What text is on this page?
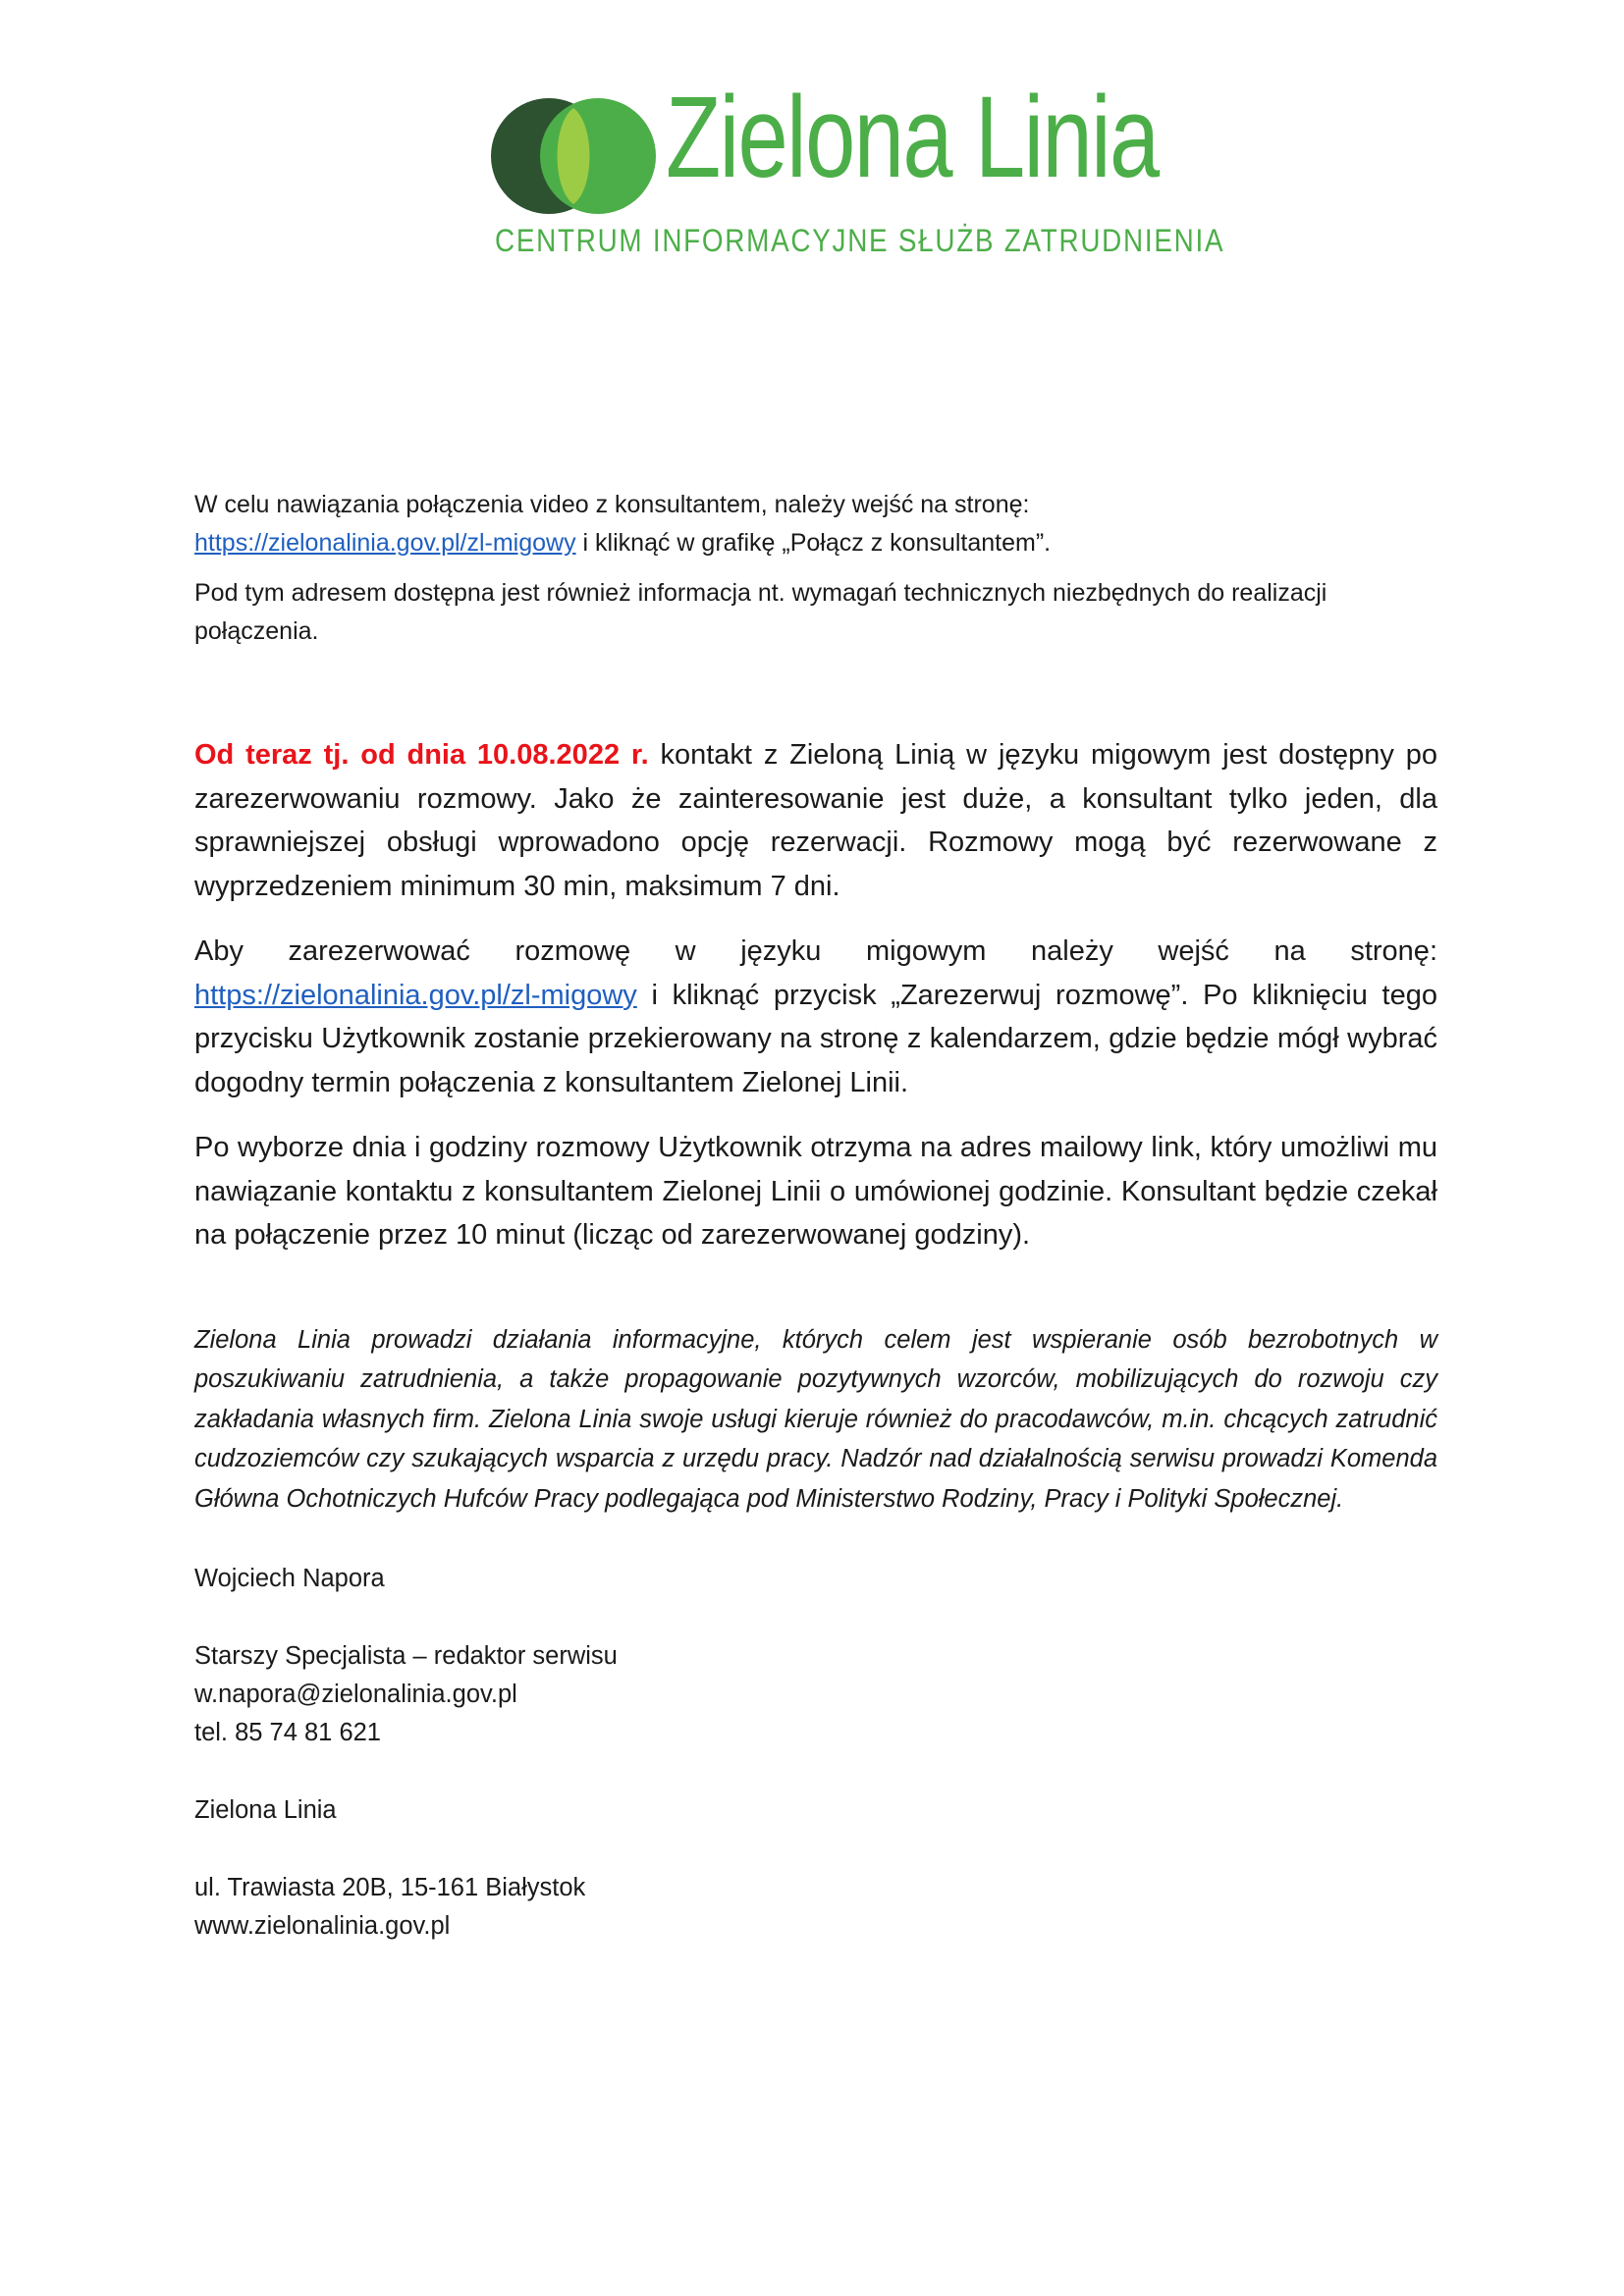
Zielona Linia
CENTRUM INFORMACYJNE SŁUŻB ZATRUDNIENIA

W celu nawiązania połączenia video z konsultantem, należy wejść na stronę:
https://zielonalinia.gov.pl/zl-migowy i kliknąć w grafikę „Połącz z konsultantem”.

Pod tym adresem dostępna jest również informacja nt. wymagań technicznych niezbędnych do realizacji połączenia.

Od teraz tj. od dnia 10.08.2022 r. kontakt z Zieloną Linią w języku migowym jest dostępny po zarezerwowaniu rozmowy. Jako że zainteresowanie jest duże, a konsultant tylko jeden, dla sprawniejszej obsługi wprowadono opcję rezerwacji. Rozmowy mogą być rezerwowane z wyprzedzeniem minimum 30 min, maksimum 7 dni.

Aby zarezerwować rozmowę w języku migowym należy wejść na stronę:
https://zielonalinia.gov.pl/zl-migowy i kliknąć przycisk „Zarezerwuj rozmowę”. Po kliknięciu tego przycisku Użytkownik zostanie przekierowany na stronę z kalendarzem, gdzie będzie mógł wybrać dogodny termin połączenia z konsultantem Zielonej Linii.

Po wyborze dnia i godziny rozmowy Użytkownik otrzyma na adres mailowy link, który umożliwi mu nawiązanie kontaktu z konsultantem Zielonej Linii o umówionej godzinie. Konsultant będzie czekał na połączenie przez 10 minut (licząc od zarezerwowanej godziny).

Zielona Linia prowadzi działania informacyjne, których celem jest wspieranie osób bezrobotnych w poszukiwaniu zatrudnienia, a także propagowanie pozytywnych wzorców, mobilizujących do rozwoju czy zakładania własnych firm. Zielona Linia swoje usługi kieruje również do pracodawców, m.in. chcących zatrudnić cudzoziemców czy szukających wsparcia z urzędu pracy. Nadzór nad działalnością serwisu prowadzi Komenda Główna Ochotniczych Hufców Pracy podlegająca pod Ministerstwo Rodziny, Pracy i Polityki Społecznej.

Wojciech Napora

Starszy Specjalista – redaktor serwisu
w.napora@zielonalinia.gov.pl
tel. 85 74 81 621

Zielona Linia

ul. Trawiasta 20B, 15-161 Białystok
www.zielonalinia.gov.pl
